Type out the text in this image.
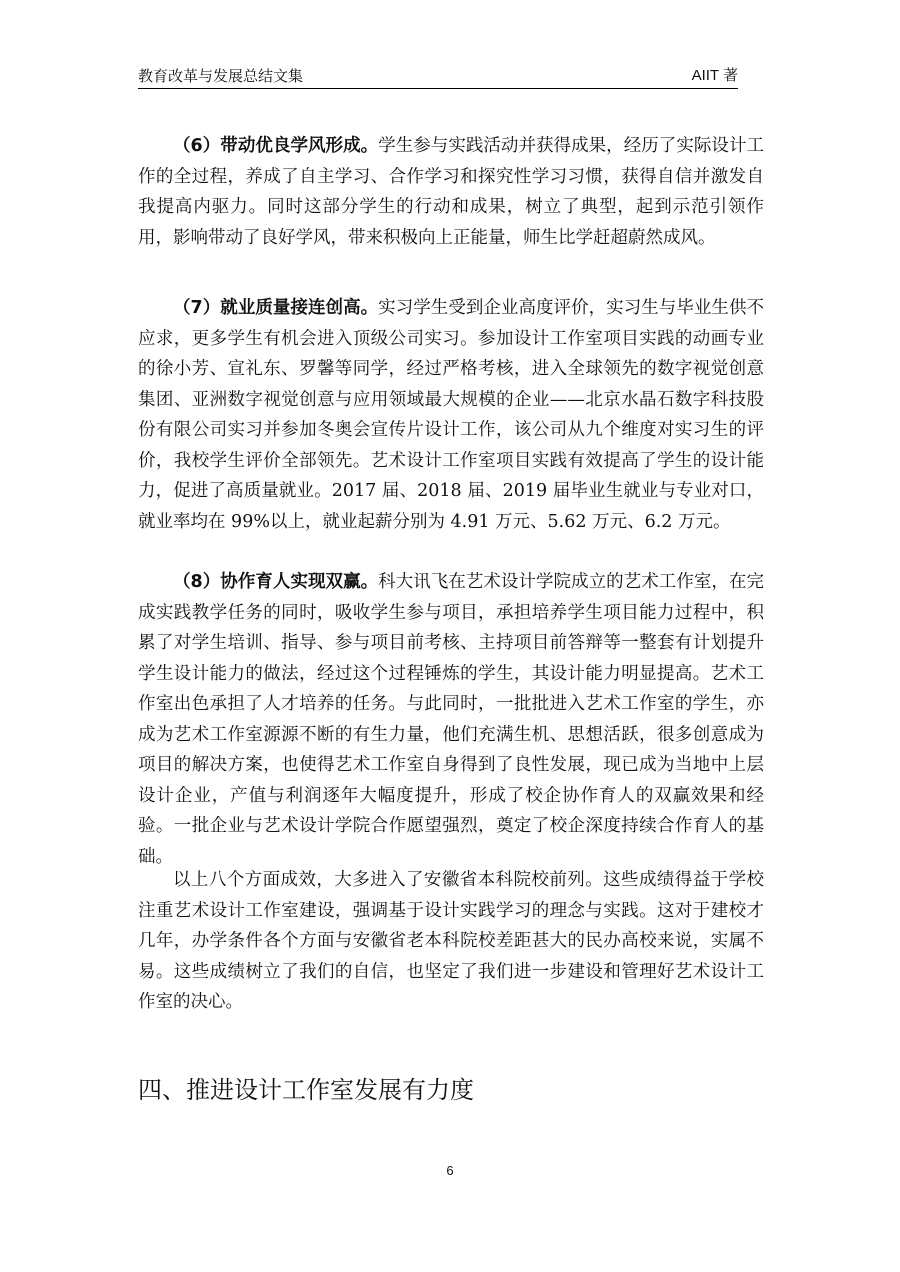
教育改革与发展总结文集	AIIT 著

（6）带动优良学风形成。学生参与实践活动并获得成果，经历了实际设计工作的全过程，养成了自主学习、合作学习和探究性学习习惯，获得自信并激发自我提高内驱力。同时这部分学生的行动和成果，树立了典型，起到示范引领作用，影响带动了良好学风，带来积极向上正能量，师生比学赶超蔚然成风。

（7）就业质量接连创高。实习学生受到企业高度评价，实习生与毕业生供不应求，更多学生有机会进入顶级公司实习。参加设计工作室项目实践的动画专业的徐小芳、宣礼东、罗馨等同学，经过严格考核，进入全球领先的数字视觉创意集团、亚洲数字视觉创意与应用领域最大规模的企业——北京水晶石数字科技股份有限公司实习并参加冬奥会宣传片设计工作，该公司从九个维度对实习生的评价，我校学生评价全部领先。艺术设计工作室项目实践有效提高了学生的设计能力，促进了高质量就业。2017 届、2018 届、2019 届毕业生就业与专业对口，就业率均在 99%以上，就业起薪分别为 4.91 万元、5.62 万元、6.2 万元。

（8）协作育人实现双赢。科大讯飞在艺术设计学院成立的艺术工作室，在完成实践教学任务的同时，吸收学生参与项目，承担培养学生项目能力过程中，积累了对学生培训、指导、参与项目前考核、主持项目前答辩等一整套有计划提升学生设计能力的做法，经过这个过程锤炼的学生，其设计能力明显提高。艺术工作室出色承担了人才培养的任务。与此同时，一批批进入艺术工作室的学生，亦成为艺术工作室源源不断的有生力量，他们充满生机、思想活跃，很多创意成为项目的解决方案，也使得艺术工作室自身得到了良性发展，现已成为当地中上层设计企业，产值与利润逐年大幅度提升，形成了校企协作育人的双赢效果和经验。一批企业与艺术设计学院合作愿望强烈，奠定了校企深度持续合作育人的基础。

以上八个方面成效，大多进入了安徽省本科院校前列。这些成绩得益于学校注重艺术设计工作室建设，强调基于设计实践学习的理念与实践。这对于建校才几年，办学条件各个方面与安徽省老本科院校差距甚大的民办高校来说，实属不易。这些成绩树立了我们的自信，也坚定了我们进一步建设和管理好艺术设计工作室的决心。

四、推进设计工作室发展有力度
6
